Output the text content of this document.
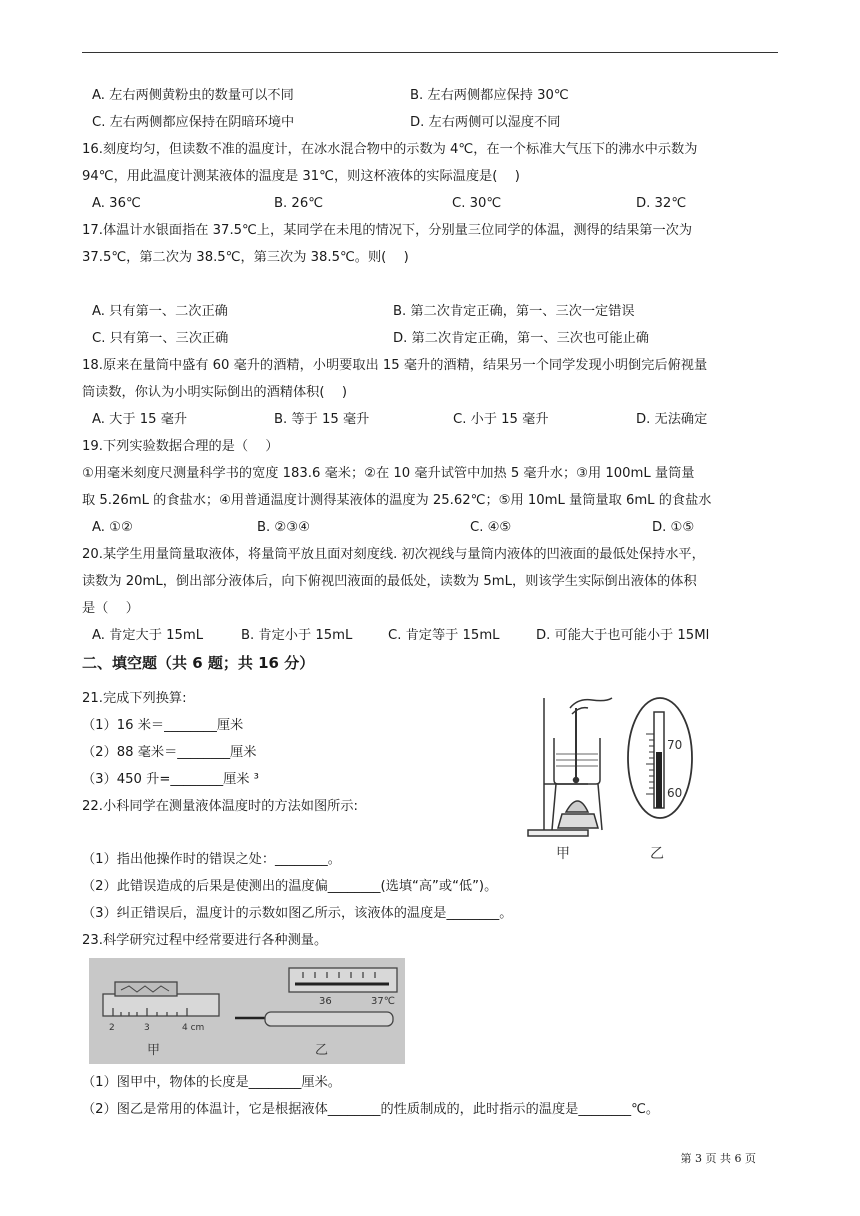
A. 左右两侧黄粉虫的数量可以不同	B. 左右两侧都应保持 30℃
C. 左右两侧都应保持在阴暗环境中	D. 左右两侧可以湿度不同
16.刻度均匀，但读数不准的温度计，在冰水混合物中的示数为 4℃，在一个标准大气压下的沸水中示数为
94℃，用此温度计测某液体的温度是 31℃，则这杯液体的实际温度是(　 )
A. 36℃	B. 26℃	C. 30℃	D. 32℃
17.体温计水银面指在 37.5℃上，某同学在未甩的情况下，分别量三位同学的体温，测得的结果第一次为
37.5℃，第二次为 38.5℃，第三次为 38.5℃。则(　 )
A. 只有第一、二次正确	B. 第二次肯定正确，第一、三次一定错误
C. 只有第一、三次正确	D. 第二次肯定正确，第一、三次也可能止确
18.原来在量筒中盛有 60 毫升的酒精，小明要取出 15 毫升的酒精，结果另一个同学发现小明倒完后俯视量
筒读数，你认为小明实际倒出的酒精体积(　 )
A. 大于 15 毫升	B. 等于 15 毫升	C. 小于 15 毫升	D. 无法确定
19.下列实验数据合理的是（　 ）
①用毫米刻度尺测量科学书的宽度 183.6 毫米；②在 10 毫升试管中加热 5 毫升水；③用 100mL 量筒量
取 5.26mL 的食盐水；④用普通温度计测得某液体的温度为 25.62℃；⑤用 10mL 量筒量取 6mL 的食盐水
A. ①②	B. ②③④	C. ④⑤	D. ①⑤
20.某学生用量筒量取液体，将量筒平放且面对刻度线. 初次视线与量筒内液体的凹液面的最低处保持水平，
读数为 20mL，倒出部分液体后，向下俯视凹液面的最低处，读数为 5mL，则该学生实际倒出液体的体积
是（　 ）
A. 肯定大于 15mL	B. 肯定小于 15mL	C. 肯定等于 15mL	D. 可能大于也可能小于 15Ml
二、填空题（共 6 题；共 16 分）
21.完成下列换算:
（1）16 米＝________厘米
（2）88 毫米＝________厘米
（3）450 升=________厘米 ³
22.小科同学在测量液体温度时的方法如图所示:
（1）指出他操作时的错误之处：________。
（2）此错误造成的后果是使测出的温度偏________(选填“高”或“低”)。
（3）纠正错误后，温度计的示数如图乙所示，该液体的温度是________。
70
60
甲	乙
23.科学研究过程中经常要进行各种测量。
2	3	4 cm
36	37℃
甲	乙
（1）图甲中，物体的长度是________厘米。
（2）图乙是常用的体温计，它是根据液体________的性质制成的，此时指示的温度是________℃。
第 3 页 共 6 页
